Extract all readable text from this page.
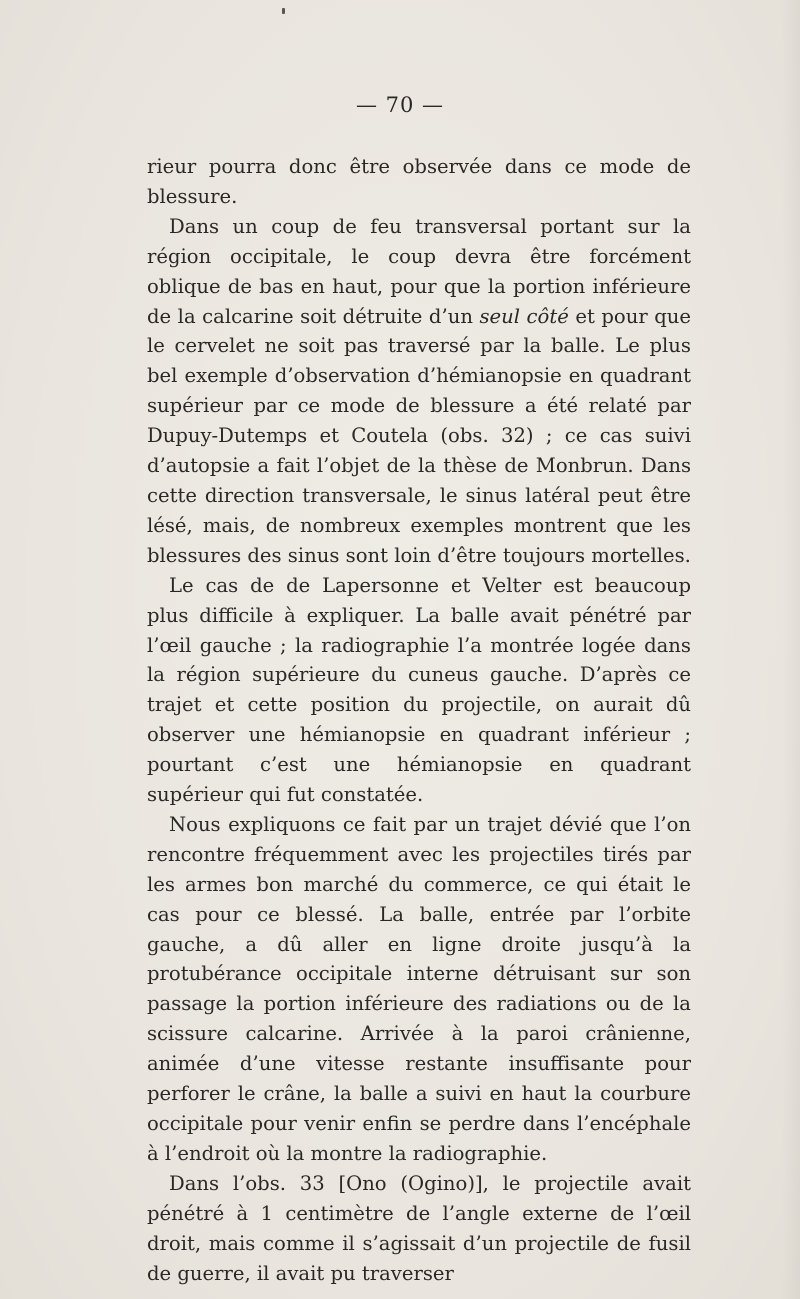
— 70 —

rieur pourra donc être observée dans ce mode de blessure.

Dans un coup de feu transversal portant sur la région occipitale, le coup devra être forcément oblique de bas en haut, pour que la portion inférieure de la calcarine soit détruite d’un seul côté et pour que le cervelet ne soit pas traversé par la balle. Le plus bel exemple d’observation d’hémianopsie en quadrant supérieur par ce mode de blessure a été relaté par Dupuy-Dutemps et Coutela (obs. 32) ; ce cas suivi d’autopsie a fait l’objet de la thèse de Monbrun. Dans cette direction transversale, le sinus latéral peut être lésé, mais, de nombreux exemples montrent que les blessures des sinus sont loin d’être toujours mortelles.

Le cas de de Lapersonne et Velter est beaucoup plus difficile à expliquer. La balle avait pénétré par l’œil gauche ; la radiographie l’a montrée logée dans la région supérieure du cuneus gauche. D’après ce trajet et cette position du projectile, on aurait dû observer une hémianopsie en quadrant inférieur ; pourtant c’est une hémianopsie en quadrant supérieur qui fut constatée.

Nous expliquons ce fait par un trajet dévié que l’on rencontre fréquemment avec les projectiles tirés par les armes bon marché du commerce, ce qui était le cas pour ce blessé. La balle, entrée par l’orbite gauche, a dû aller en ligne droite jusqu’à la protubérance occipitale interne détruisant sur son passage la portion inférieure des radiations ou de la scissure calcarine. Arrivée à la paroi crânienne, animée d’une vitesse restante insuffisante pour perforer le crâne, la balle a suivi en haut la courbure occipitale pour venir enfin se perdre dans l’encéphale à l’endroit où la montre la radiographie.

Dans l’obs. 33 [Ono (Ogino)], le projectile avait pénétré à 1 centimètre de l’angle externe de l’œil droit, mais comme il s’agissait d’un projectile de fusil de guerre, il avait pu traverser
